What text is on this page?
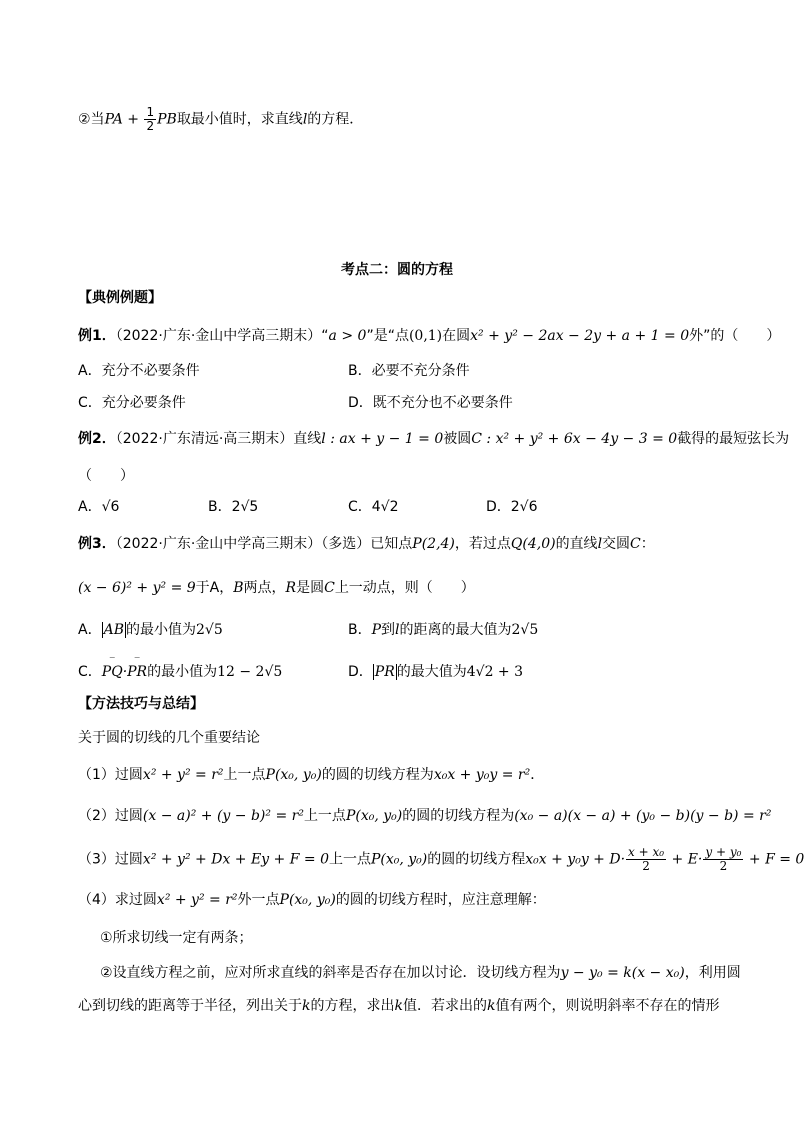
②当PA + $\frac{1}{2}$ PB取最小值时，求直线l的方程．
考点二：圆的方程
【典例例题】
例1．（2022·广东·金山中学高三期末）“a > 0”是“点(0,1)在圆x² + y² − 2ax − 2y + a + 1 = 0外”的（　　）
A．充分不必要条件	B．必要不充分条件
C．充分必要条件	D．既不充分也不必要条件
例2．（2022·广东清远·高三期末）直线l : ax + y − 1 = 0被圆C : x² + y² + 6x − 4y − 3 = 0截得的最短弦长为
（　　）
A．√6	B．2√5	C．4√2	D．2√6
例3．（2022·广东·金山中学高三期末）（多选）已知点P(2,4)，若过点Q(4,0)的直线l交圆C：
(x − 6)² + y² = 9于A，B两点，R是圆C上一动点，则（　　）
A． AB 的最小值为2√5	B．P到l的距离的最大值为2√5
C．‾ PQ·‾ PR的最小值为12 − 2√5	D． PR 的最大值为4√2 + 3
【方法技巧与总结】
关于圆的切线的几个重要结论
（1）过圆x² + y² = r²上一点P(x₀, y₀)的圆的切线方程为x₀x + y₀y = r²．
（2）过圆(x − a)² + (y − b)² = r²上一点P(x₀, y₀)的圆的切线方程为(x₀ − a)(x − a) + (y₀ − b)(y − b) = r²
（3）过圆x² + y² + Dx + Ey + F = 0上一点P(x₀, y₀)的圆的切线方程$x_0x + y_0y + D\cdot \frac{\text{x + x₀}}{2} + E\cdot \frac{\text{y + y₀}}{2} + F = 0$
（4）求过圆x² + y² = r²外一点P(x₀, y₀)的圆的切线方程时，应注意理解：
①所求切线一定有两条；
②设直线方程之前，应对所求直线的斜率是否存在加以讨论．设切线方程为y − y₀ = k(x − x₀)，利用圆
心到切线的距离等于半径，列出关于k的方程，求出k值．若求出的k值有两个，则说明斜率不存在的情形
